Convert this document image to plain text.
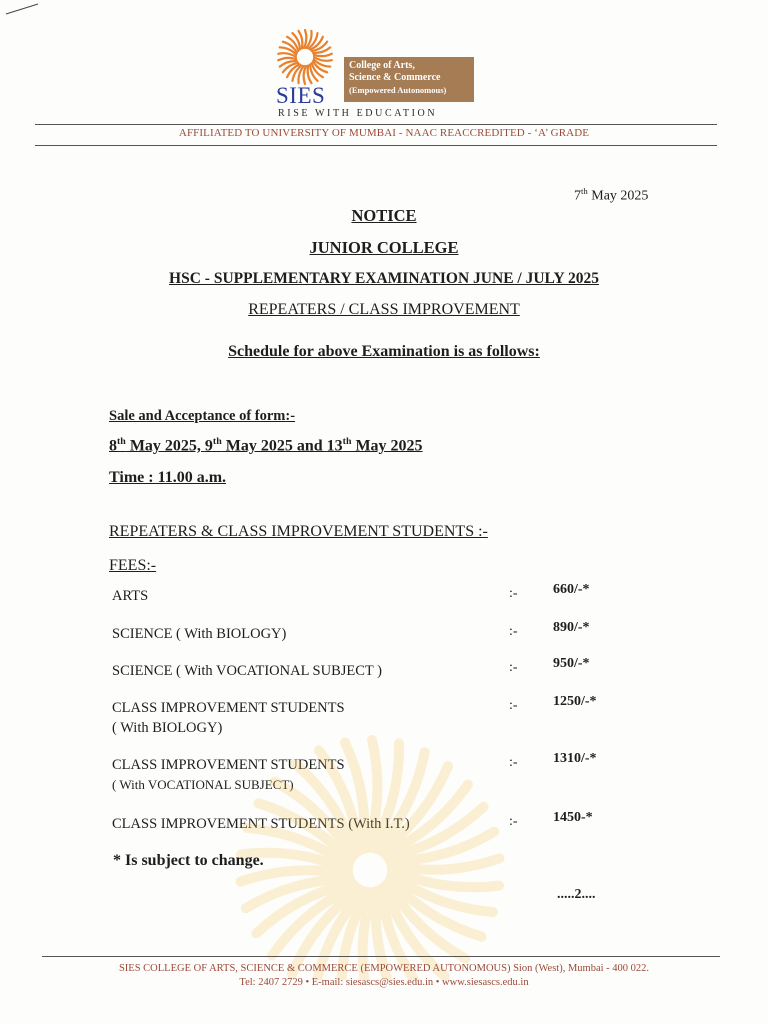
SIES
College of Arts,
Science & Commerce
(Empowered Autonomous)
RISE WITH EDUCATION
AFFILIATED TO UNIVERSITY OF MUMBAI - NAAC REACCREDITED - ‘A’ GRADE
7th May 2025
NOTICE
JUNIOR COLLEGE
HSC - SUPPLEMENTARY EXAMINATION JUNE / JULY 2025
REPEATERS / CLASS IMPROVEMENT
Schedule for above Examination is as follows:
Sale and Acceptance of form:-
8th May 2025, 9th May 2025 and 13th May 2025
Time : 11.00 a.m.
REPEATERS & CLASS IMPROVEMENT STUDENTS :-
FEES:-
ARTS	:-	660/-*
SCIENCE ( With BIOLOGY)	:-	890/-*
SCIENCE ( With VOCATIONAL SUBJECT )	:-	950/-*
CLASS IMPROVEMENT STUDENTS
( With BIOLOGY)
:-	1250/-*
CLASS IMPROVEMENT STUDENTS
( With VOCATIONAL SUBJECT)
:-	1310/-*
CLASS IMPROVEMENT STUDENTS (With I.T.)	:-	1450-*
* Is subject to change.
.....2....
SIES COLLEGE OF ARTS, SCIENCE & COMMERCE (EMPOWERED AUTONOMOUS) Sion (West), Mumbai - 400 022.
Tel: 2407 2729 • E-mail: siesascs@sies.edu.in • www.siesascs.edu.in
